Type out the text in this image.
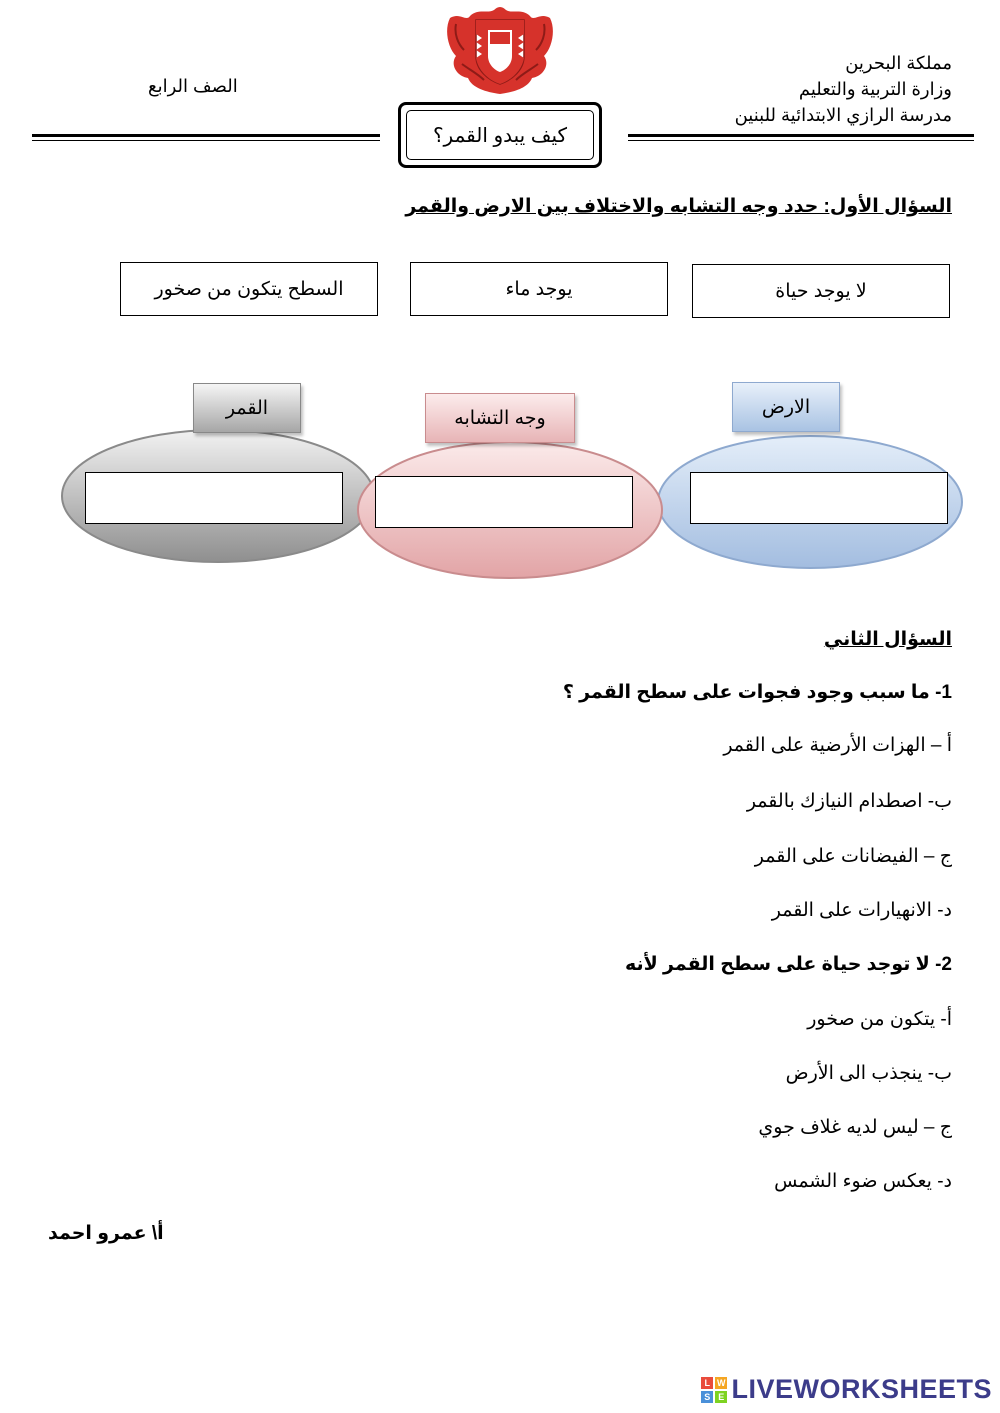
مملكة البحرين
وزارة التربية والتعليم
مدرسة الرازي الابتدائية للبنين
الصف الرابع
كيف يبدو القمر؟
السؤال الأول: حدد وجه التشابه والاختلاف بين الارض والقمر
لا يوجد حياة
يوجد ماء
السطح يتكون من صخور
الارض
وجه التشابه
القمر
السؤال الثاني
1- ما سبب وجود فجوات على سطح القمر ؟
أ – الهزات الأرضية على القمر
ب- اصطدام النيازك بالقمر
ج – الفيضانات على القمر
د- الانهيارات على القمر
2- لا توجد حياة على سطح القمر لأنه
أ- يتكون من صخور
ب- ينجذب الى الأرض
ج – ليس لديه غلاف جوي
د- يعكس ضوء الشمس
أ\ عمرو احمد
L W
S E LIVEWORKSHEETS
